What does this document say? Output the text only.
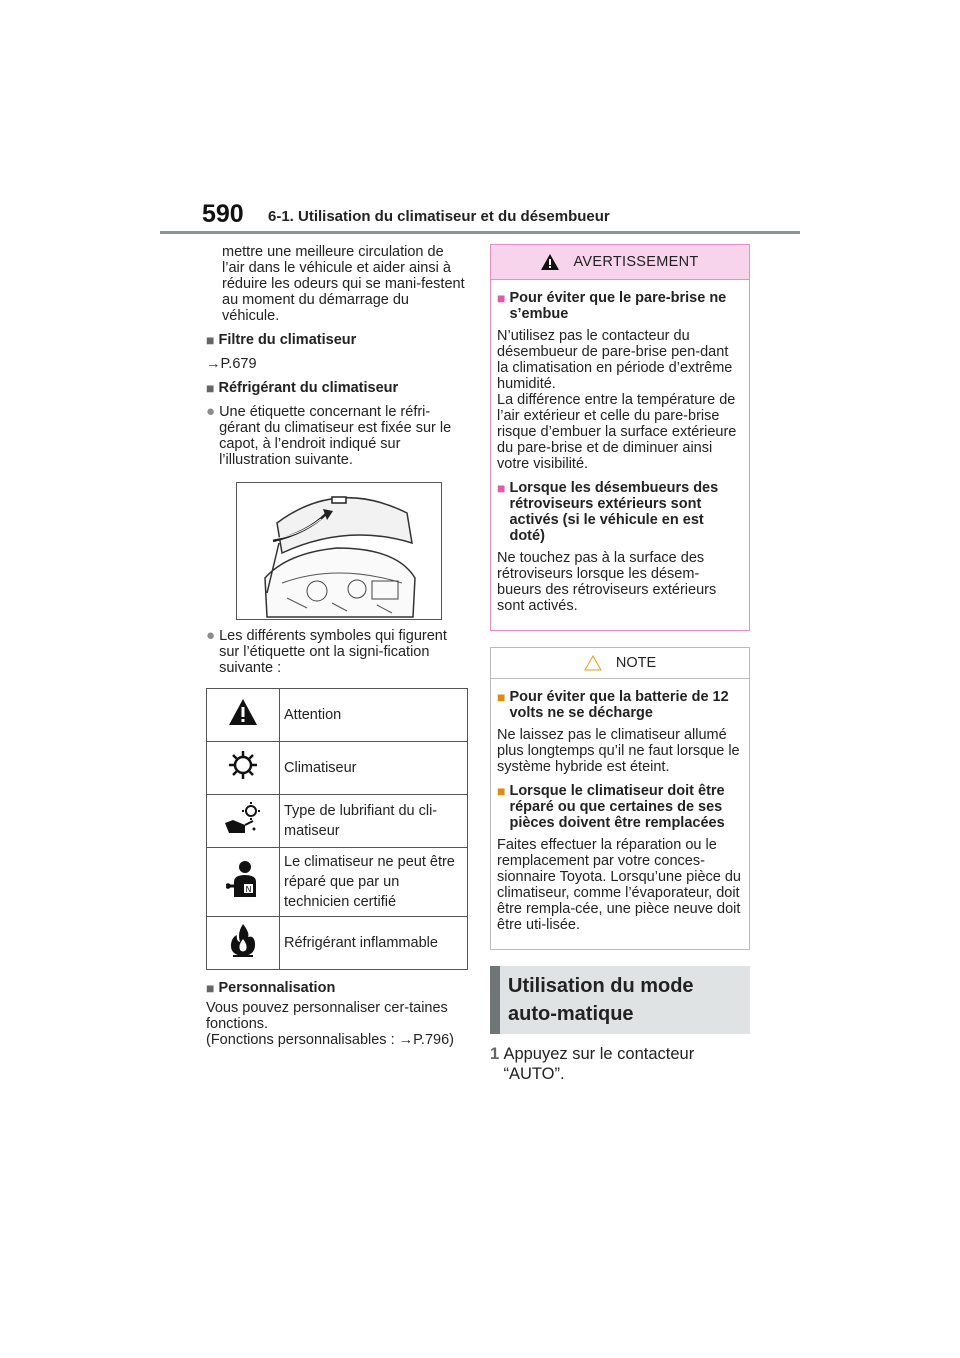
590 6-1. Utilisation du climatiseur et du désembueur

mettre une meilleure circulation de l’air dans le véhicule et aider ainsi à réduire les odeurs qui se mani-festent au moment du démarrage du véhicule.

■ Filtre du climatiseur

→P.679

■ Réfrigérant du climatiseur
● Une étiquette concernant le réfri-gérant du climatiseur est fixée sur le capot, à l’endroit indiqué sur l’illustration suivante.
● Les différents symboles qui figurent sur l’étiquette ont la signi-fication suivante :
	Attention
	Climatiseur
	Type de lubrifiant du cli-matiseur

N	Le climatiseur ne peut être réparé que par un technicien certifié
	Réfrigérant inflammable
■ Personnalisation

Vous pouvez personnaliser cer-taines fonctions.

(Fonctions personnalisables : →P.796)

AVERTISSEMENT
■ Pour éviter que le pare-brise ne s’embue

N’utilisez pas le contacteur du désembueur de pare-brise pen-dant la climatisation en période d’extrême humidité.

La différence entre la température de l’air extérieur et celle du pare-brise risque d’embuer la surface extérieure du pare-brise et de diminuer ainsi votre visibilité.

■ Lorsque les désembueurs des rétroviseurs extérieurs sont activés (si le véhicule en est doté)

Ne touchez pas à la surface des rétroviseurs lorsque les désem-bueurs des rétroviseurs extérieurs sont activés.

NOTE
■ Pour éviter que la batterie de 12 volts ne se décharge

Ne laissez pas le climatiseur allumé plus longtemps qu’il ne faut lorsque le système hybride est éteint.

■ Lorsque le climatiseur doit être réparé ou que certaines de ses pièces doivent être remplacées

Faites effectuer la réparation ou le remplacement par votre conces-sionnaire Toyota. Lorsqu’une pièce du climatiseur, comme l’évaporateur, doit être rempla-cée, une pièce neuve doit être uti-lisée.

Utilisation du mode auto-matique
1 Appuyez sur le contacteur “AUTO”.
